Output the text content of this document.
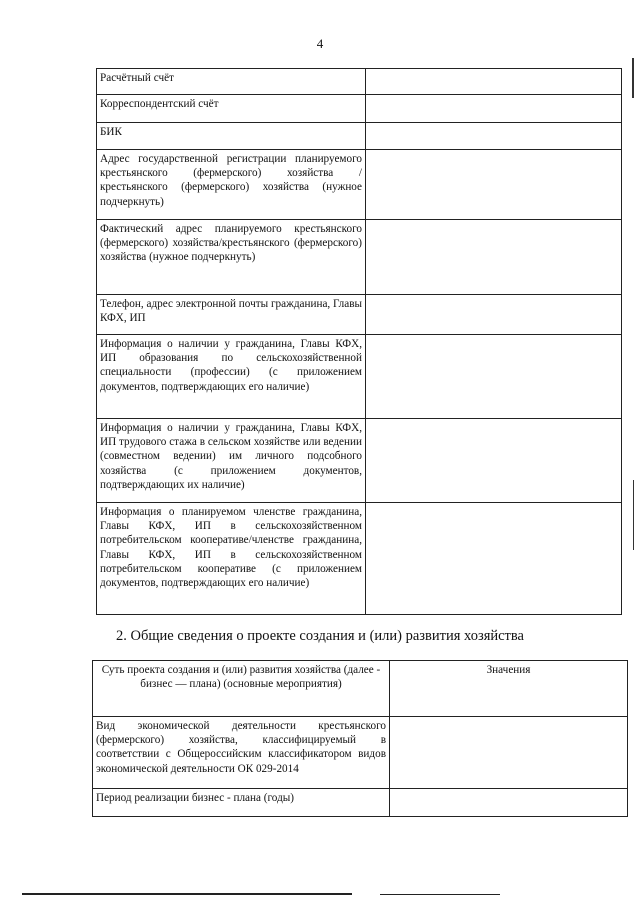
4
Расчётный счёт	
Корреспондентский счёт	
БИК	
Адрес государственной регистрации планируемого крестьянского (фермерского) хозяйства / крестьянского (фермерского) хозяйства (нужное подчеркнуть)	
Фактический адрес планируемого крестьянского (фермерского) хозяйства/крестьянского (фермерского) хозяйства (нужное подчеркнуть)	
Телефон, адрес электронной почты гражданина, Главы КФХ, ИП	
Информация о наличии у гражданина, Главы КФХ, ИП образования по сельскохозяйственной специальности (профессии) (с приложением документов, подтверждающих его наличие)	
Информация о наличии у гражданина, Главы КФХ, ИП трудового стажа в сельском хозяйстве или ведении (совместном ведении) им личного подсобного хозяйства (с приложением документов, подтверждающих их наличие)	
Информация о планируемом членстве гражданина, Главы КФХ, ИП в сельскохозяйственном потребительском кооперативе/членстве гражданина, Главы КФХ, ИП в сельскохозяйственном потребительском кооперативе (с приложением документов, подтверждающих его наличие)	
2. Общие сведения о проекте создания и (или) развития хозяйства
Суть проекта создания и (или) развития хозяйства (далее - бизнес — плана) (основные мероприятия)	Значения
Вид экономической деятельности крестьянского (фермерского) хозяйства, классифицируемый в соответствии с Общероссийским классификатором видов экономической деятельности ОК 029-2014	
Период реализации бизнес - плана (годы)	
